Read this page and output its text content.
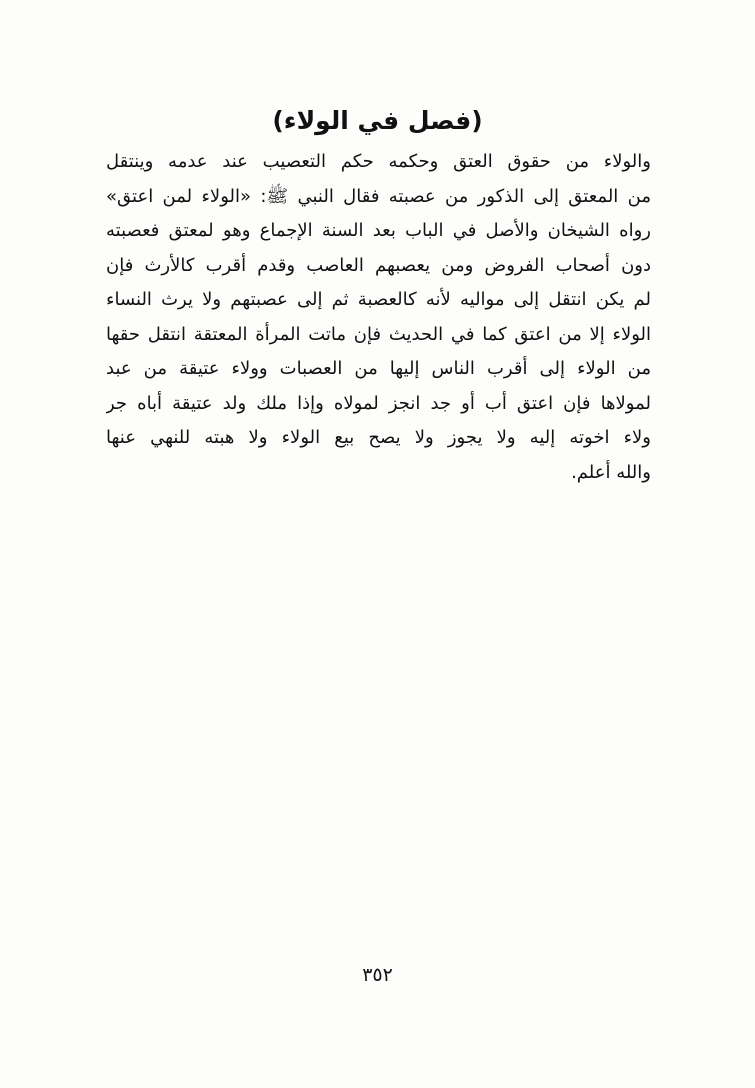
(فصل في الولاء)
والولاء من حقوق العتق وحكمه حكم التعصيب عند عدمه وينتقل
من المعتق إلى الذكور من عصبته فقال النبي ﷺ: «الولاء لمن اعتق»
رواه الشيخان والأصل في الباب بعد السنة الإجماع وهو لمعتق فعصبته
دون أصحاب الفروض ومن يعصبهم العاصب وقدم أقرب كالأرث فإن
لم يكن انتقل إلى مواليه لأنه كالعصبة ثم إلى عصبتهم ولا يرث النساء
الولاء إلا من اعتق كما في الحديث فإن ماتت المرأة المعتقة انتقل حقها
من الولاء إلى أقرب الناس إليها من العصبات وولاء عتيقة من عبد
لمولاها فإن اعتق أب أو جد انجز لمولاه وإذا ملك ولد عتيقة أباه جر
ولاء اخوته إليه ولا يجوز ولا يصح بيع الولاء ولا هبته للنهي عنها
والله أعلم.
٣٥٢
